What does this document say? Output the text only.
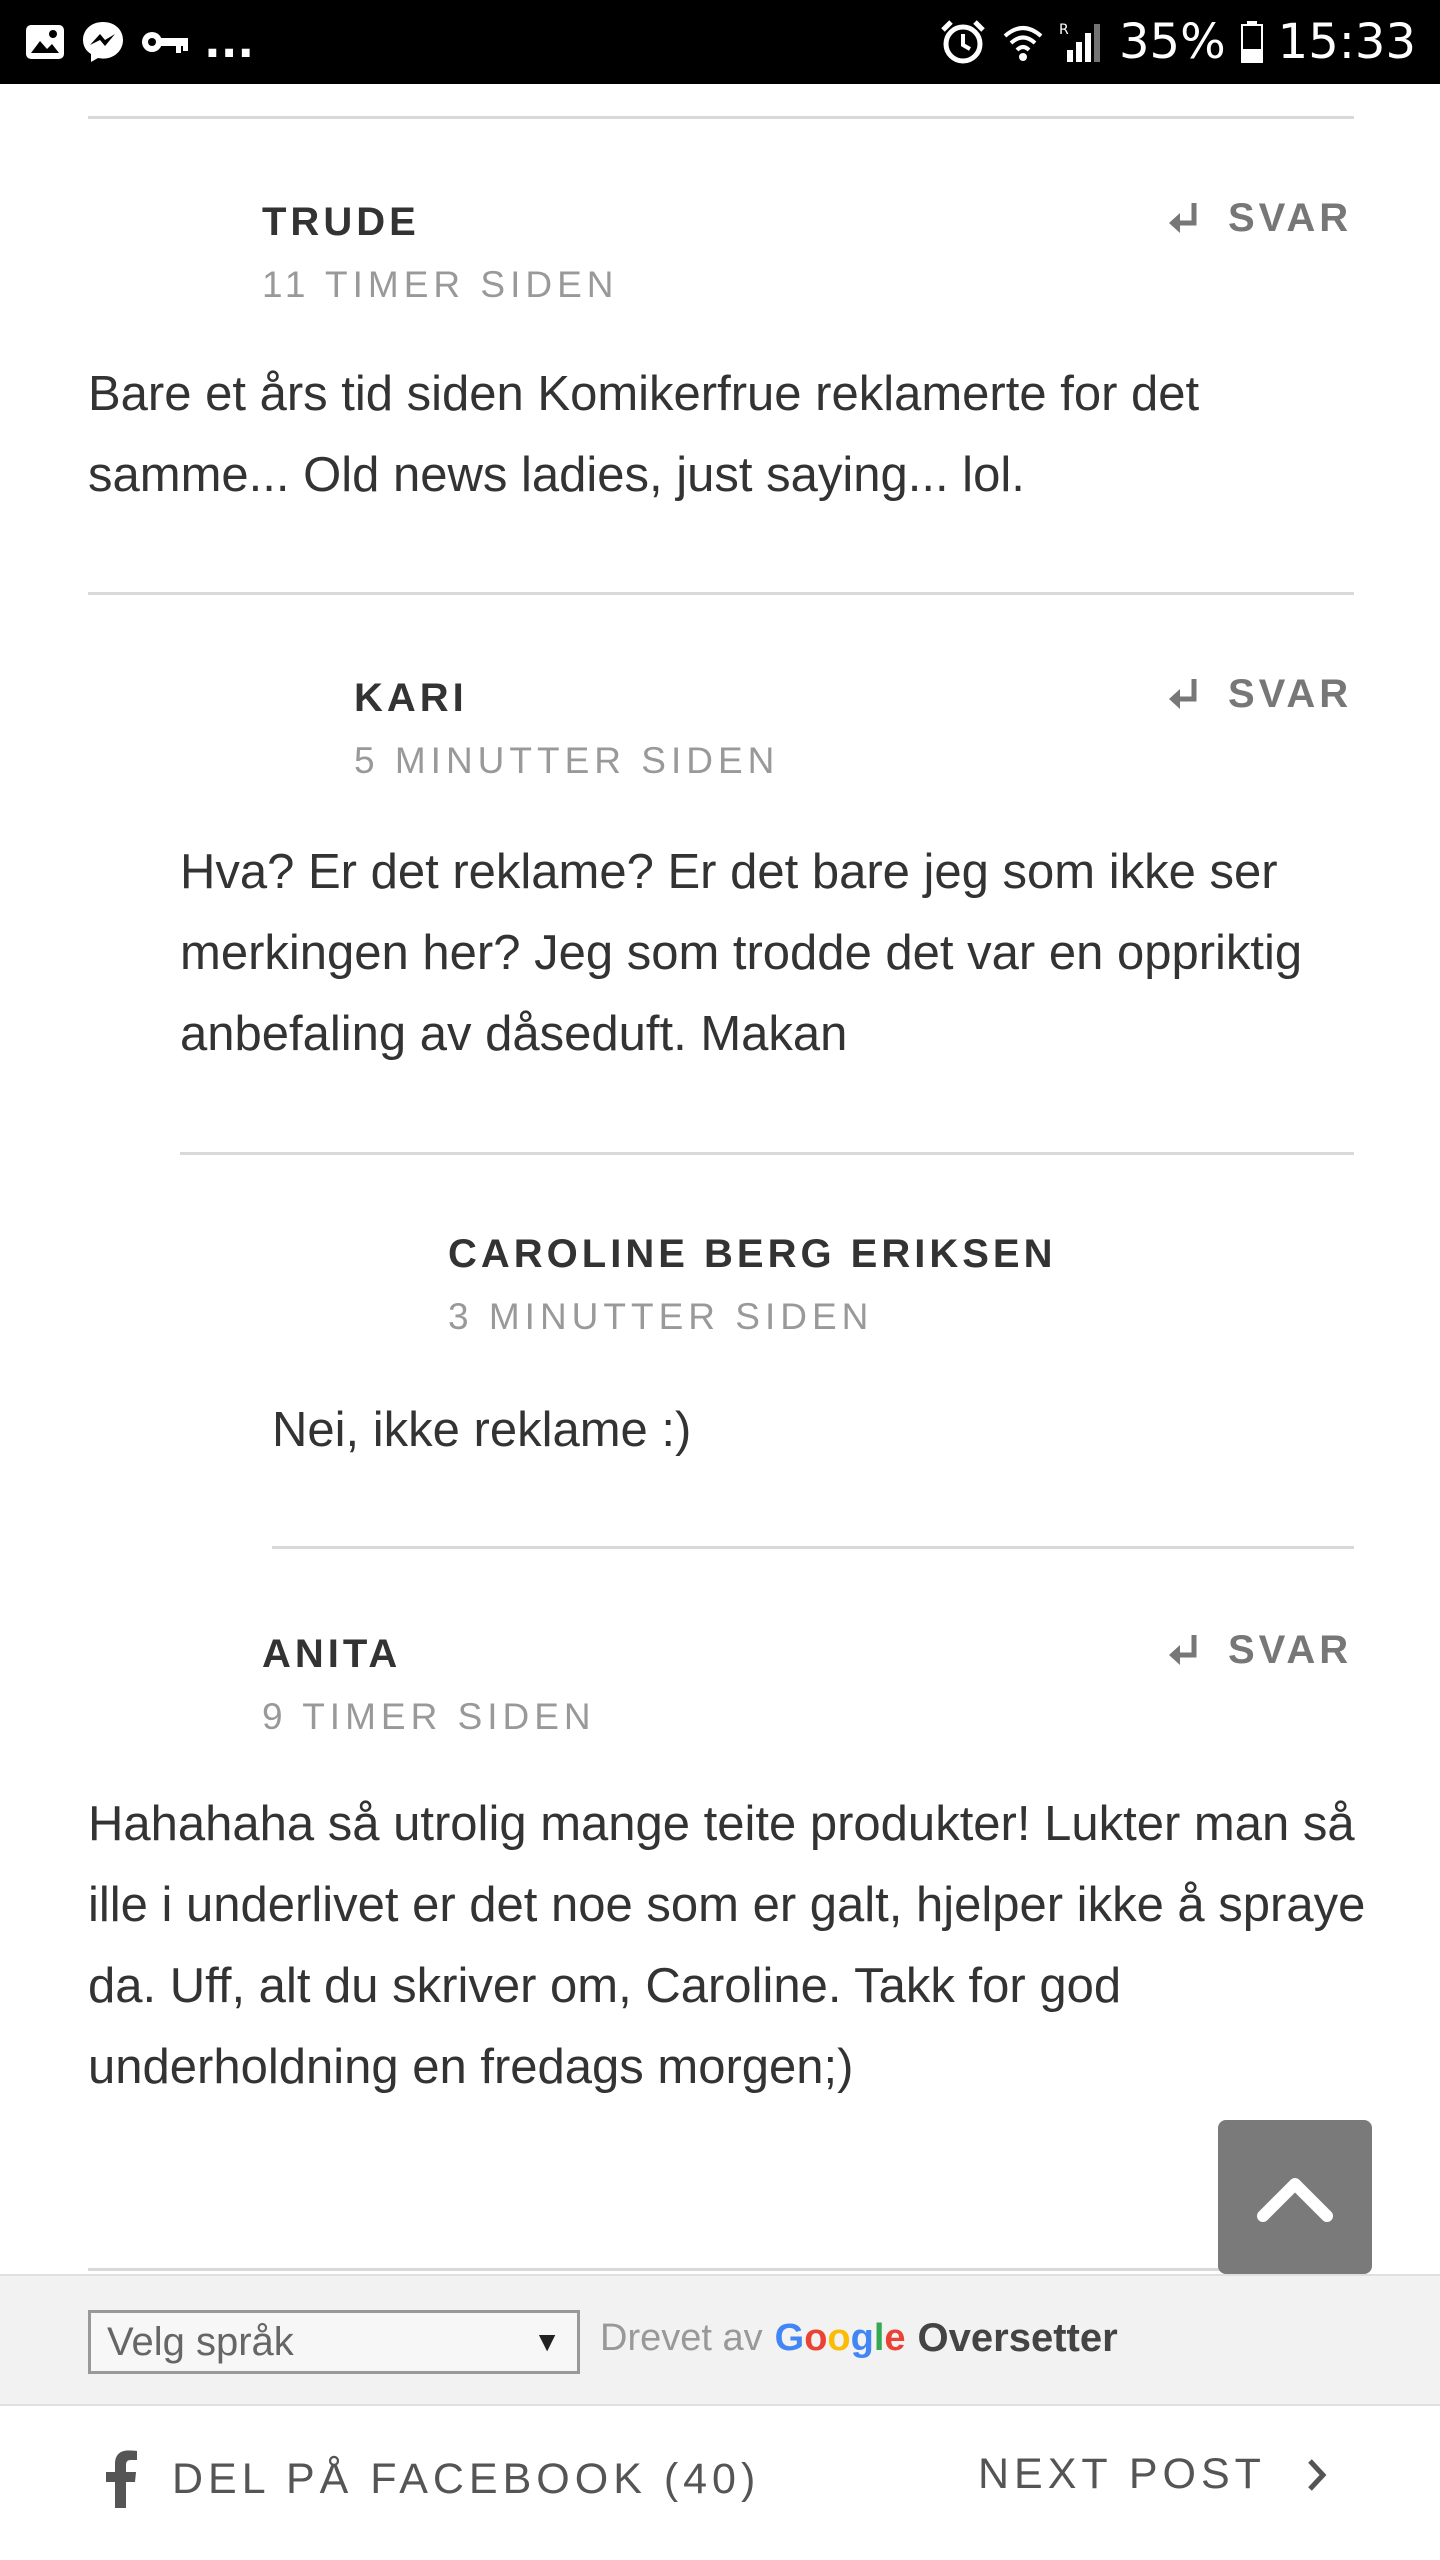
...	R 35% 15:33
TRUDE
11 TIMER SIDEN
SVAR
Bare et års tid siden Komikerfrue reklamerte for det samme... Old news ladies, just saying... lol.
KARI
5 MINUTTER SIDEN
SVAR
Hva? Er det reklame? Er det bare jeg som ikke ser merkingen her? Jeg som trodde det var en oppriktig anbefaling av dåseduft. Makan
CAROLINE BERG ERIKSEN
3 MINUTTER SIDEN
Nei, ikke reklame :)
ANITA
9 TIMER SIDEN
SVAR
Hahahaha så utrolig mange teite produkter! Lukter man så ille i underlivet er det noe som er galt, hjelper ikke å spraye da. Uff, alt du skriver om, Caroline. Takk for god underholdning en fredags morgen;)
Velg språk	▼ Drevet av Google Oversetter
DEL PÅ FACEBOOK (40)	NEXT POST
